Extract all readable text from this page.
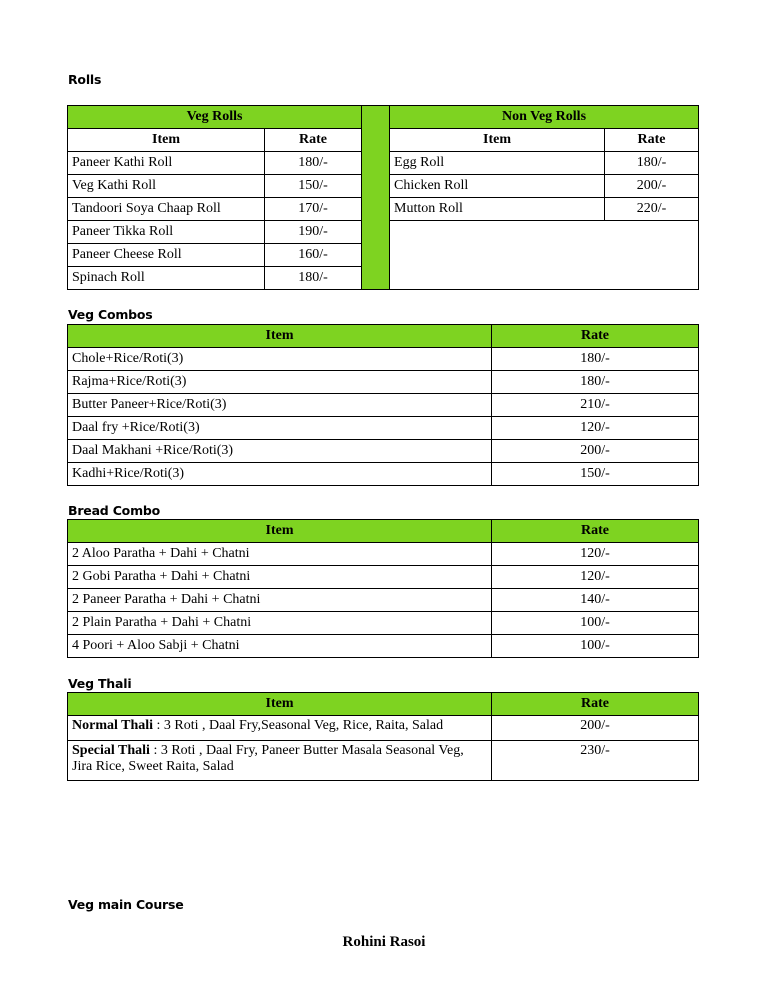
Rolls
Veg Rolls			Non Veg Rolls	
Item	Rate		Item	Rate
Paneer Kathi Roll	180/-		Egg Roll	180/-
Veg Kathi Roll	150/-		Chicken Roll	200/-
Tandoori Soya Chaap Roll	170/-		Mutton Roll	220/-
Paneer Tikka Roll	190/-			
Paneer Cheese Roll	160/-			
Spinach Roll	180/-			
Veg Combos
Item	Rate
Chole+Rice/Roti(3)	180/-
Rajma+Rice/Roti(3)	180/-
Butter Paneer+Rice/Roti(3)	210/-
Daal fry +Rice/Roti(3)	120/-
Daal Makhani +Rice/Roti(3)	200/-
Kadhi+Rice/Roti(3)	150/-
Bread Combo
Item	Rate
2 Aloo Paratha + Dahi + Chatni	120/-
2 Gobi Paratha + Dahi + Chatni	120/-
2 Paneer Paratha + Dahi + Chatni	140/-
2 Plain Paratha + Dahi + Chatni	100/-
4 Poori + Aloo Sabji + Chatni	100/-
Veg Thali
Item	Rate
Normal Thali : 3 Roti , Daal Fry,Seasonal Veg, Rice, Raita, Salad	200/-
Special Thali : 3 Roti , Daal Fry, Paneer Butter Masala Seasonal Veg, Jira Rice, Sweet Raita, Salad	230/-
Veg main Course
Rohini Rasoi
